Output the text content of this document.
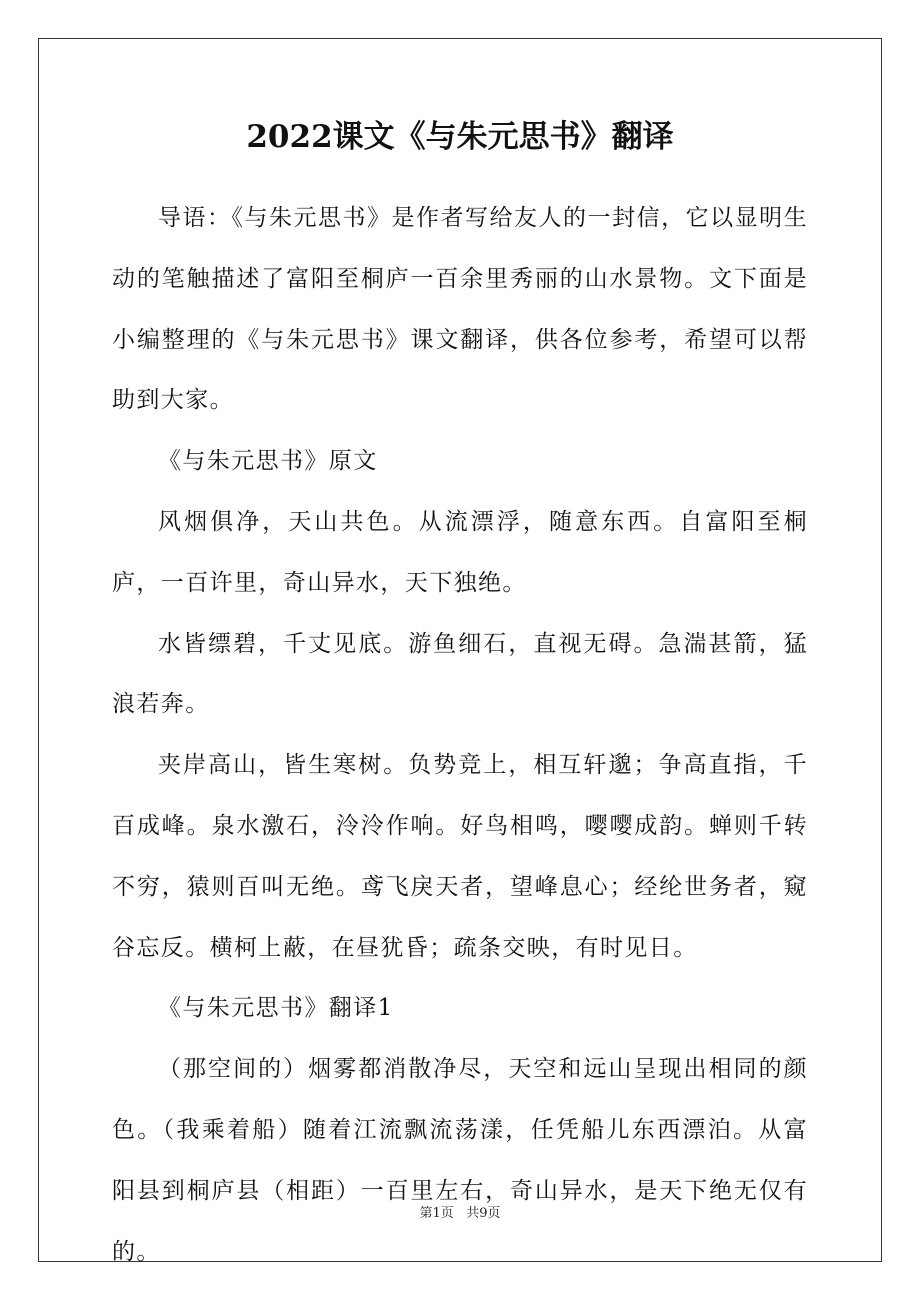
2022课文《与朱元思书》翻译

导语：《与朱元思书》是作者写给友人的一封信，它以显明生动的笔触描述了富阳至桐庐一百余里秀丽的山水景物。文下面是小编整理的《与朱元思书》课文翻译，供各位参考，希望可以帮助到大家。

《与朱元思书》原文

风烟俱净，天山共色。从流漂浮，随意东西。自富阳至桐庐，一百许里，奇山异水，天下独绝。

水皆缥碧，千丈见底。游鱼细石，直视无碍。急湍甚箭，猛浪若奔。

夹岸高山，皆生寒树。负势竞上，相互轩邈；争高直指，千百成峰。泉水激石，泠泠作响。好鸟相鸣，嘤嘤成韵。蝉则千转不穷，猿则百叫无绝。鸢飞戾天者，望峰息心；经纶世务者，窥谷忘反。横柯上蔽，在昼犹昏；疏条交映，有时见日。

《与朱元思书》翻译1

（那空间的）烟雾都消散净尽，天空和远山呈现出相同的颜色。（我乘着船）随着江流飘流荡漾，任凭船儿东西漂泊。从富阳县到桐庐县（相距）一百里左右，奇山异水，是天下绝无仅有的。

第1页 共9页
